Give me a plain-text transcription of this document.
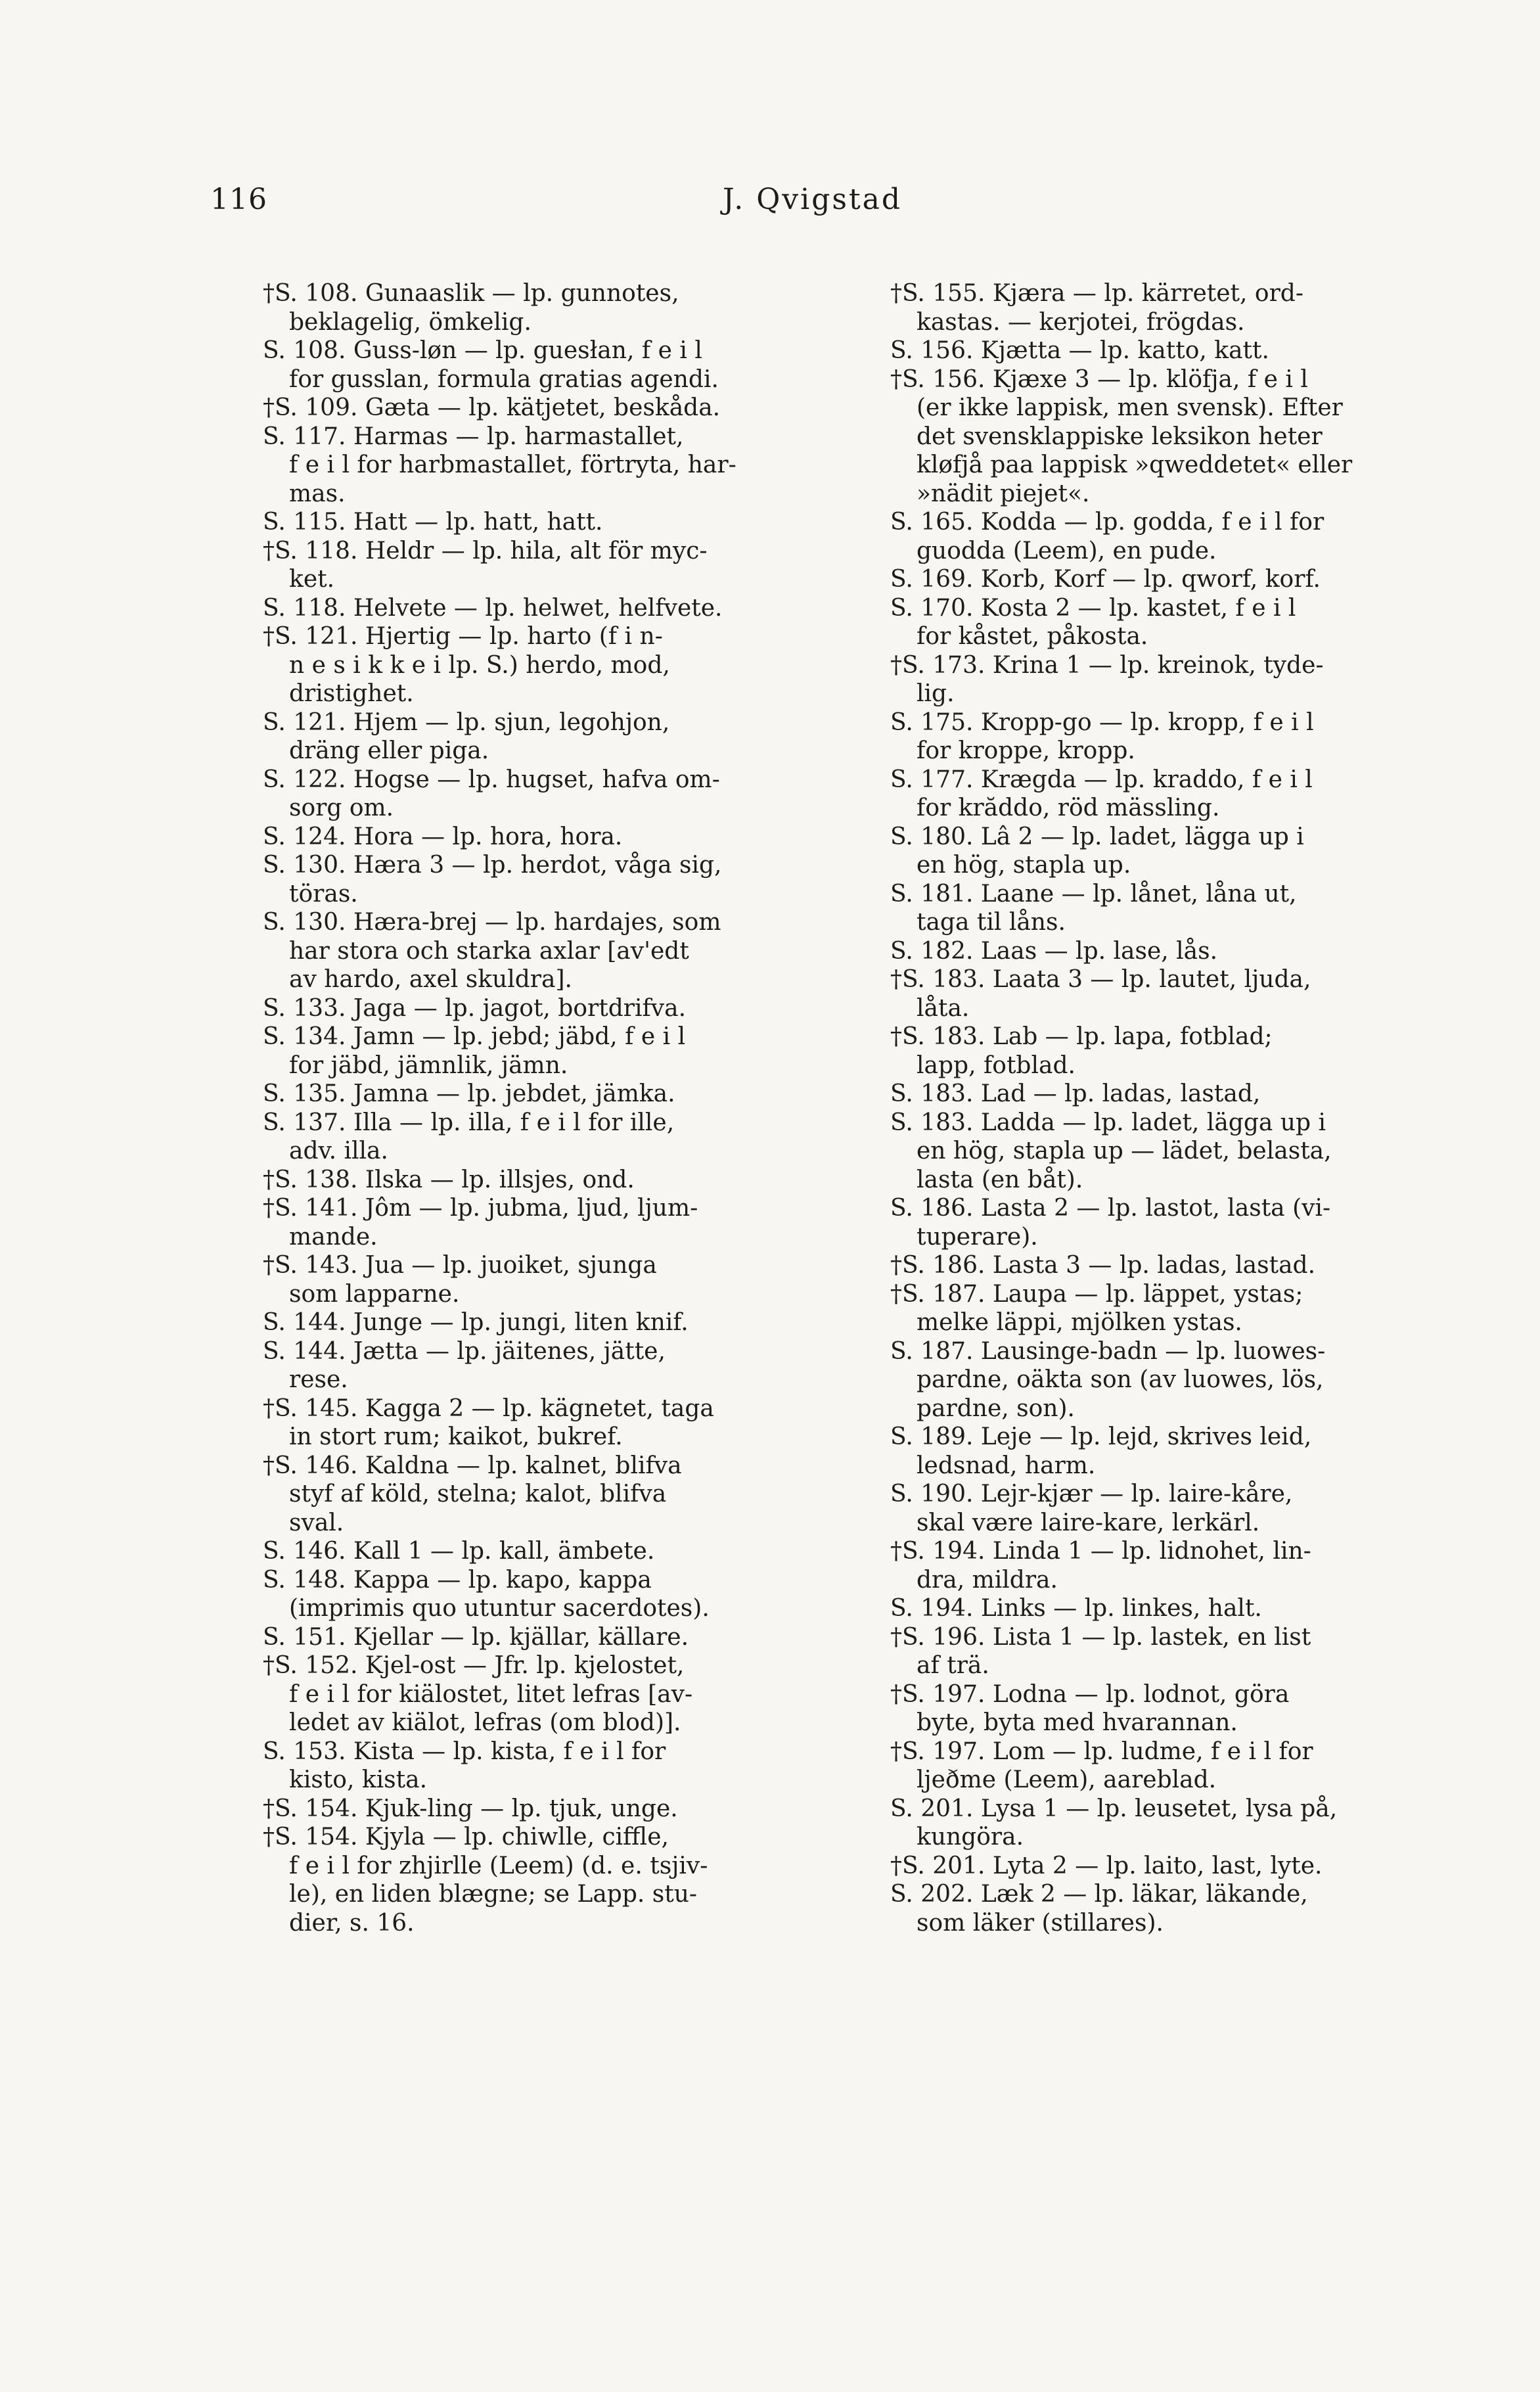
116	J. Qvigstad
†S. 108. Gunaaslik — lp. gunnotes,
beklagelig, ömkelig.
S. 108. Guss-løn — lp. guesłan, f e i l
for gusslan, formula gratias agendi.
†S. 109. Gæta — lp. kätjetet, beskåda.
S. 117. Harmas — lp. harmastallet,
f e i l for harbmastallet, förtryta, har-
mas.
S. 115. Hatt — lp. hatt, hatt.
†S. 118. Heldr — lp. hila, alt för myc-
ket.
S. 118. Helvete — lp. helwet, helfvete.
†S. 121. Hjertig — lp. harto (f i n-
n e s i k k e i lp. S.) herdo, mod,
dristighet.
S. 121. Hjem — lp. sjun, legohjon,
dräng eller piga.
S. 122. Hogse — lp. hugset, hafva om-
sorg om.
S. 124. Hora — lp. hora, hora.
S. 130. Hæra 3 — lp. herdot, våga sig,
töras.
S. 130. Hæra-brej — lp. hardajes, som
har stora och starka axlar [av'edt
av hardo, axel skuldra].
S. 133. Jaga — lp. jagot, bortdrifva.
S. 134. Jamn — lp. jebd; jäbd, f e i l
for jäbd, jämnlik, jämn.
S. 135. Jamna — lp. jebdet, jämka.
S. 137. Illa — lp. illa, f e i l for ille,
adv. illa.
†S. 138. Ilska — lp. illsjes, ond.
†S. 141. Jôm — lp. jubma, ljud, ljum-
mande.
†S. 143. Jua — lp. juoiket, sjunga
som lapparne.
S. 144. Junge — lp. jungi, liten knif.
S. 144. Jætta — lp. jäitenes, jätte,
rese.
†S. 145. Kagga 2 — lp. kägnetet, taga
in stort rum; kaikot, bukref.
†S. 146. Kaldna — lp. kalnet, blifva
styf af köld, stelna; kalot, blifva
sval.
S. 146. Kall 1 — lp. kall, ämbete.
S. 148. Kappa — lp. kapo, kappa
(imprimis quo utuntur sacerdotes).
S. 151. Kjellar — lp. kjällar, källare.
†S. 152. Kjel-ost — Jfr. lp. kjelostet,
f e i l for kiälostet, litet lefras [av-
ledet av kiälot, lefras (om blod)].
S. 153. Kista — lp. kista, f e i l for
kisto, kista.
†S. 154. Kjuk-ling — lp. tjuk, unge.
†S. 154. Kjyla — lp. chiwlle, ciffle,
f e i l for zhjirlle (Leem) (d. e. tsjiv-
le), en liden blægne; se Lapp. stu-
dier, s. 16.
†S. 155. Kjæra — lp. kärretet, ord-
kastas. — kerjotei, frögdas.
S. 156. Kjætta — lp. katto, katt.
†S. 156. Kjæxe 3 — lp. klöfja, f e i l
(er ikke lappisk, men svensk). Efter
det svensklappiske leksikon heter
kløfjå paa lappisk »qweddetet« eller
»nädit piejet«.
S. 165. Kodda — lp. godda, f e i l for
guodda (Leem), en pude.
S. 169. Korb, Korf — lp. qworf, korf.
S. 170. Kosta 2 — lp. kastet, f e i l
for kåstet, påkosta.
†S. 173. Krina 1 — lp. kreinok, tyde-
lig.
S. 175. Kropp-go — lp. kropp, f e i l
for kroppe, kropp.
S. 177. Krægda — lp. kraddo, f e i l
for krăddo, röd mässling.
S. 180. Lâ 2 — lp. ladet, lägga up i
en hög, stapla up.
S. 181. Laane — lp. lånet, låna ut,
taga til låns.
S. 182. Laas — lp. lase, lås.
†S. 183. Laata 3 — lp. lautet, ljuda,
låta.
†S. 183. Lab — lp. lapa, fotblad;
lapp, fotblad.
S. 183. Lad — lp. ladas, lastad,
S. 183. Ladda — lp. ladet, lägga up i
en hög, stapla up — lädet, belasta,
lasta (en båt).
S. 186. Lasta 2 — lp. lastot, lasta (vi-
tuperare).
†S. 186. Lasta 3 — lp. ladas, lastad.
†S. 187. Laupa — lp. läppet, ystas;
melke läppi, mjölken ystas.
S. 187. Lausinge-badn — lp. luowes-
pardne, oäkta son (av luowes, lös,
pardne, son).
S. 189. Leje — lp. lejd, skrives leid,
ledsnad, harm.
S. 190. Lejr-kjær — lp. laire-kåre,
skal være laire-kare, lerkärl.
†S. 194. Linda 1 — lp. lidnohet, lin-
dra, mildra.
S. 194. Links — lp. linkes, halt.
†S. 196. Lista 1 — lp. lastek, en list
af trä.
†S. 197. Lodna — lp. lodnot, göra
byte, byta med hvarannan.
†S. 197. Lom — lp. ludme, f e i l for
ljeðme (Leem), aareblad.
S. 201. Lysa 1 — lp. leusetet, lysa på,
kungöra.
†S. 201. Lyta 2 — lp. laito, last, lyte.
S. 202. Læk 2 — lp. läkar, läkande,
som läker (stillares).
